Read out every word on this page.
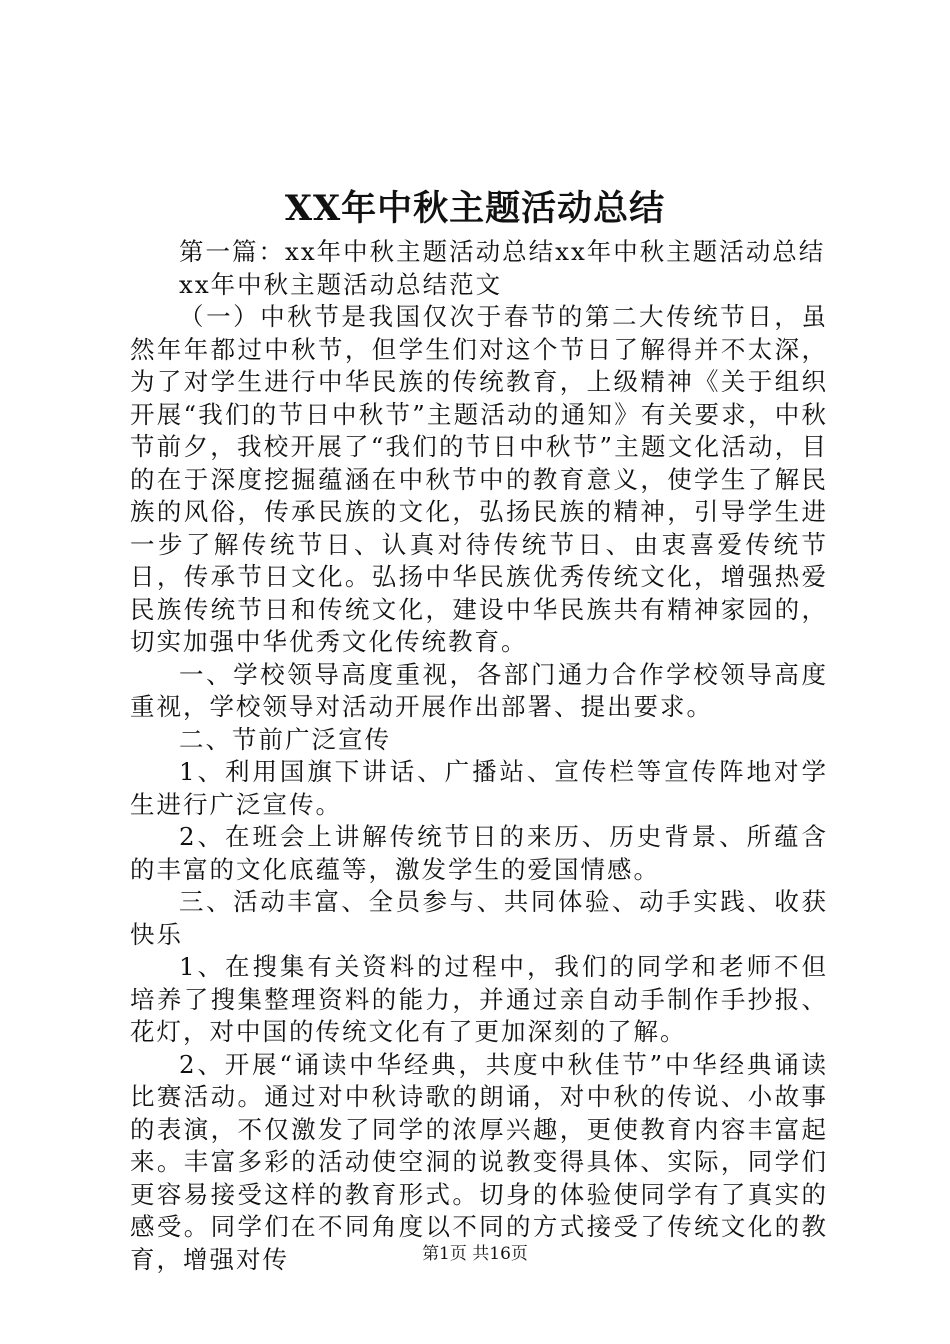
XX年中秋主题活动总结

第一篇：xx年中秋主题活动总结xx年中秋主题活动总结

xx年中秋主题活动总结范文

（一）中秋节是我国仅次于春节的第二大传统节日，虽然年年都过中秋节，但学生们对这个节日了解得并不太深，为了对学生进行中华民族的传统教育，上级精神《关于组织开展“我们的节日中秋节”主题活动的通知》有关要求，中秋节前夕，我校开展了“我们的节日中秋节”主题文化活动，目的在于深度挖掘蕴涵在中秋节中的教育意义，使学生了解民族的风俗，传承民族的文化，弘扬民族的精神，引导学生进一步了解传统节日、认真对待传统节日、由衷喜爱传统节日，传承节日文化。弘扬中华民族优秀传统文化，增强热爱民族传统节日和传统文化，建设中华民族共有精神家园的，切实加强中华优秀文化传统教育。

一、学校领导高度重视，各部门通力合作学校领导高度重视，学校领导对活动开展作出部署、提出要求。

二、节前广泛宣传

1、利用国旗下讲话、广播站、宣传栏等宣传阵地对学生进行广泛宣传。

2、在班会上讲解传统节日的来历、历史背景、所蕴含的丰富的文化底蕴等，激发学生的爱国情感。

三、活动丰富、全员参与、共同体验、动手实践、收获快乐

1、在搜集有关资料的过程中，我们的同学和老师不但培养了搜集整理资料的能力，并通过亲自动手制作手抄报、花灯，对中国的传统文化有了更加深刻的了解。

2、开展“诵读中华经典，共度中秋佳节”中华经典诵读比赛活动。通过对中秋诗歌的朗诵，对中秋的传说、小故事的表演，不仅激发了同学的浓厚兴趣，更使教育内容丰富起来。丰富多彩的活动使空洞的说教变得具体、实际，同学们更容易接受这样的教育形式。切身的体验使同学有了真实的感受。同学们在不同角度以不同的方式接受了传统文化的教育，增强对传	第1页 共16页
